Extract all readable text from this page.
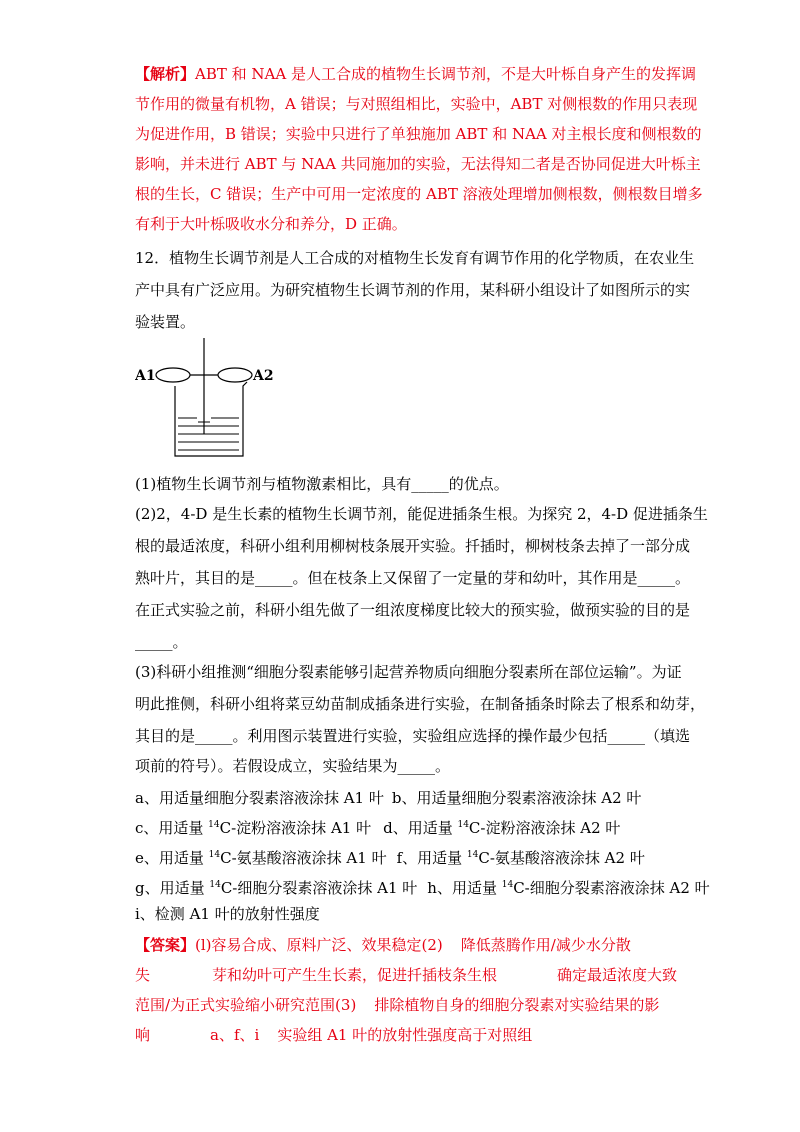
【解析】ABT 和 NAA 是人工合成的植物生长调节剂，不是大叶栎自身产生的发挥调
节作用的微量有机物，A 错误；与对照组相比，实验中，ABT 对侧根数的作用只表现
为促进作用，B 错误；实验中只进行了单独施加 ABT 和 NAA 对主根长度和侧根数的
影响，并未进行 ABT 与 NAA 共同施加的实验，无法得知二者是否协同促进大叶栎主
根的生长，C 错误；生产中可用一定浓度的 ABT 溶液处理增加侧根数，侧根数目增多
有利于大叶栎吸收水分和养分，D 正确。
12．植物生长调节剂是人工合成的对植物生长发育有调节作用的化学物质，在农业生
产中具有广泛应用。为研究植物生长调节剂的作用，某科研小组设计了如图所示的实
验装置。
A1	A2
(1)植物生长调节剂与植物激素相比，具有_____的优点。
(2)2，4-D 是生长素的植物生长调节剂，能促进插条生根。为探究 2，4-D 促进插条生
根的最适浓度，科研小组利用柳树枝条展开实验。扦插时，柳树枝条去掉了一部分成
熟叶片，其目的是_____。但在枝条上又保留了一定量的芽和幼叶，其作用是_____。
在正式实验之前，科研小组先做了一组浓度梯度比较大的预实验，做预实验的目的是
_____。
(3)科研小组推测“细胞分裂素能够引起营养物质向细胞分裂素所在部位运输”。为证
明此推侧，科研小组将菜豆幼苗制成插条进行实验，在制备插条时除去了根系和幼芽，
其目的是_____。利用图示装置进行实验，实验组应选择的操作最少包括_____（填选
项前的符号）。若假设成立，实验结果为_____。
a、用适量细胞分裂素溶液涂抹 A1 叶 b、用适量细胞分裂素溶液涂抹 A2 叶
c、用适量 $^{14}$C-淀粉溶液涂抹 A1 叶 d、用适量 $^{14}$C-淀粉溶液涂抹 A2 叶
e、用适量 $^{14}$C-氨基酸溶液涂抹 A1 叶 f、用适量 $^{14}$C-氨基酸溶液涂抹 A2 叶
g、用适量 $^{14}$C-细胞分裂素溶液涂抹 A1 叶 h、用适量 $^{14}$C-细胞分裂素溶液涂抹 A2 叶
i、检测 A1 叶的放射性强度
【答案】(l)容易合成、原料广泛、效果稳定(2) 降低蒸腾作用/减少水分散
失	芽和幼叶可产生生长素，促进扦插枝条生根	确定最适浓度大致
范围/为正式实验缩小研究范围(3) 排除植物自身的细胞分裂素对实验结果的影
响	a、f、i 实验组 A1 叶的放射性强度高于对照组
